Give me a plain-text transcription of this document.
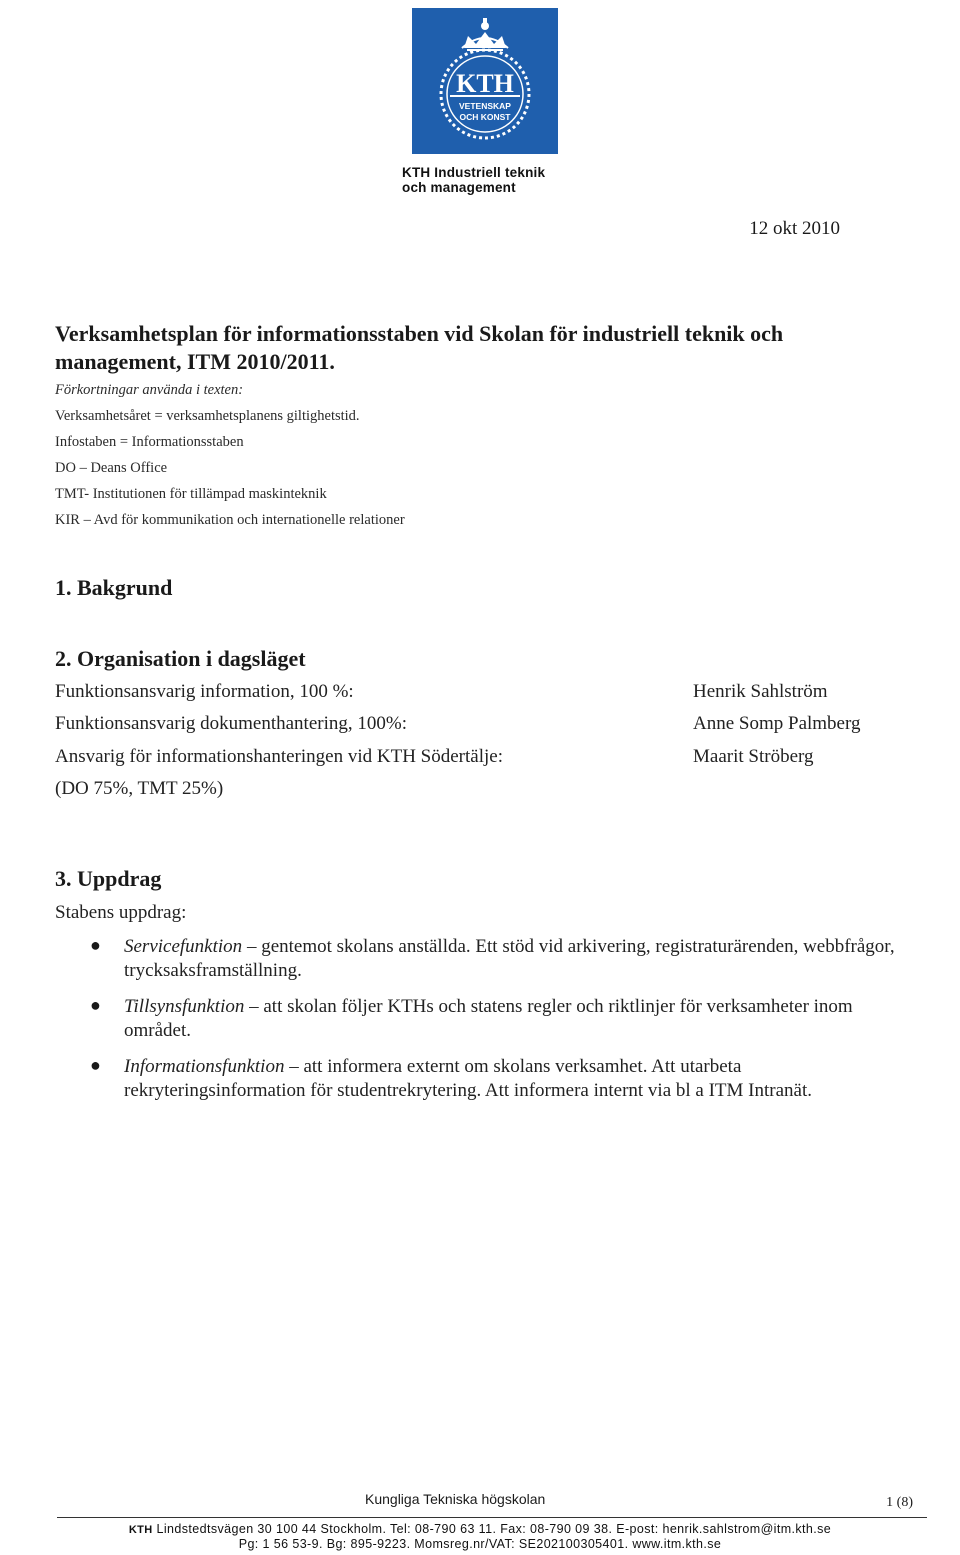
KTH
VETENSKAP
OCH KONST
KTH Industriell teknik
och management
12 okt 2010
Verksamhetsplan för informationsstaben vid Skolan för industriell teknik och management, ITM 2010/2011.
Förkortningar använda i texten:
Verksamhetsåret = verksamhetsplanens giltighetstid.
Infostaben = Informationsstaben
DO – Deans Office
TMT- Institutionen för tillämpad maskinteknik
KIR – Avd för kommunikation och internationelle relationer
1. Bakgrund
2. Organisation i dagsläget
Funktionsansvarig information, 100 %:	Henrik Sahlström
Funktionsansvarig dokumenthantering, 100%:	Anne Somp Palmberg
Ansvarig för informationshanteringen vid KTH Södertälje:	Maarit Ströberg
(DO 75%, TMT 25%)
3. Uppdrag
Stabens uppdrag:
● Servicefunktion – gentemot skolans anställda. Ett stöd vid arkivering, registraturärenden, webbfrågor, trycksaksframställning.
● Tillsynsfunktion – att skolan följer KTHs och statens regler och riktlinjer för verksamheter inom området.
● Informationsfunktion – att informera externt om skolans verksamhet. Att utarbeta rekryteringsinformation för studentrekrytering. Att informera internt via bl a ITM Intranät.
Kungliga Tekniska högskolan	1 (8)
KTH Lindstedtsvägen 30 100 44 Stockholm. Tel: 08-790 63 11. Fax: 08-790 09 38. E-post: henrik.sahlstrom@itm.kth.se
Pg: 1 56 53-9. Bg: 895-9223. Momsreg.nr/VAT: SE202100305401. www.itm.kth.se
